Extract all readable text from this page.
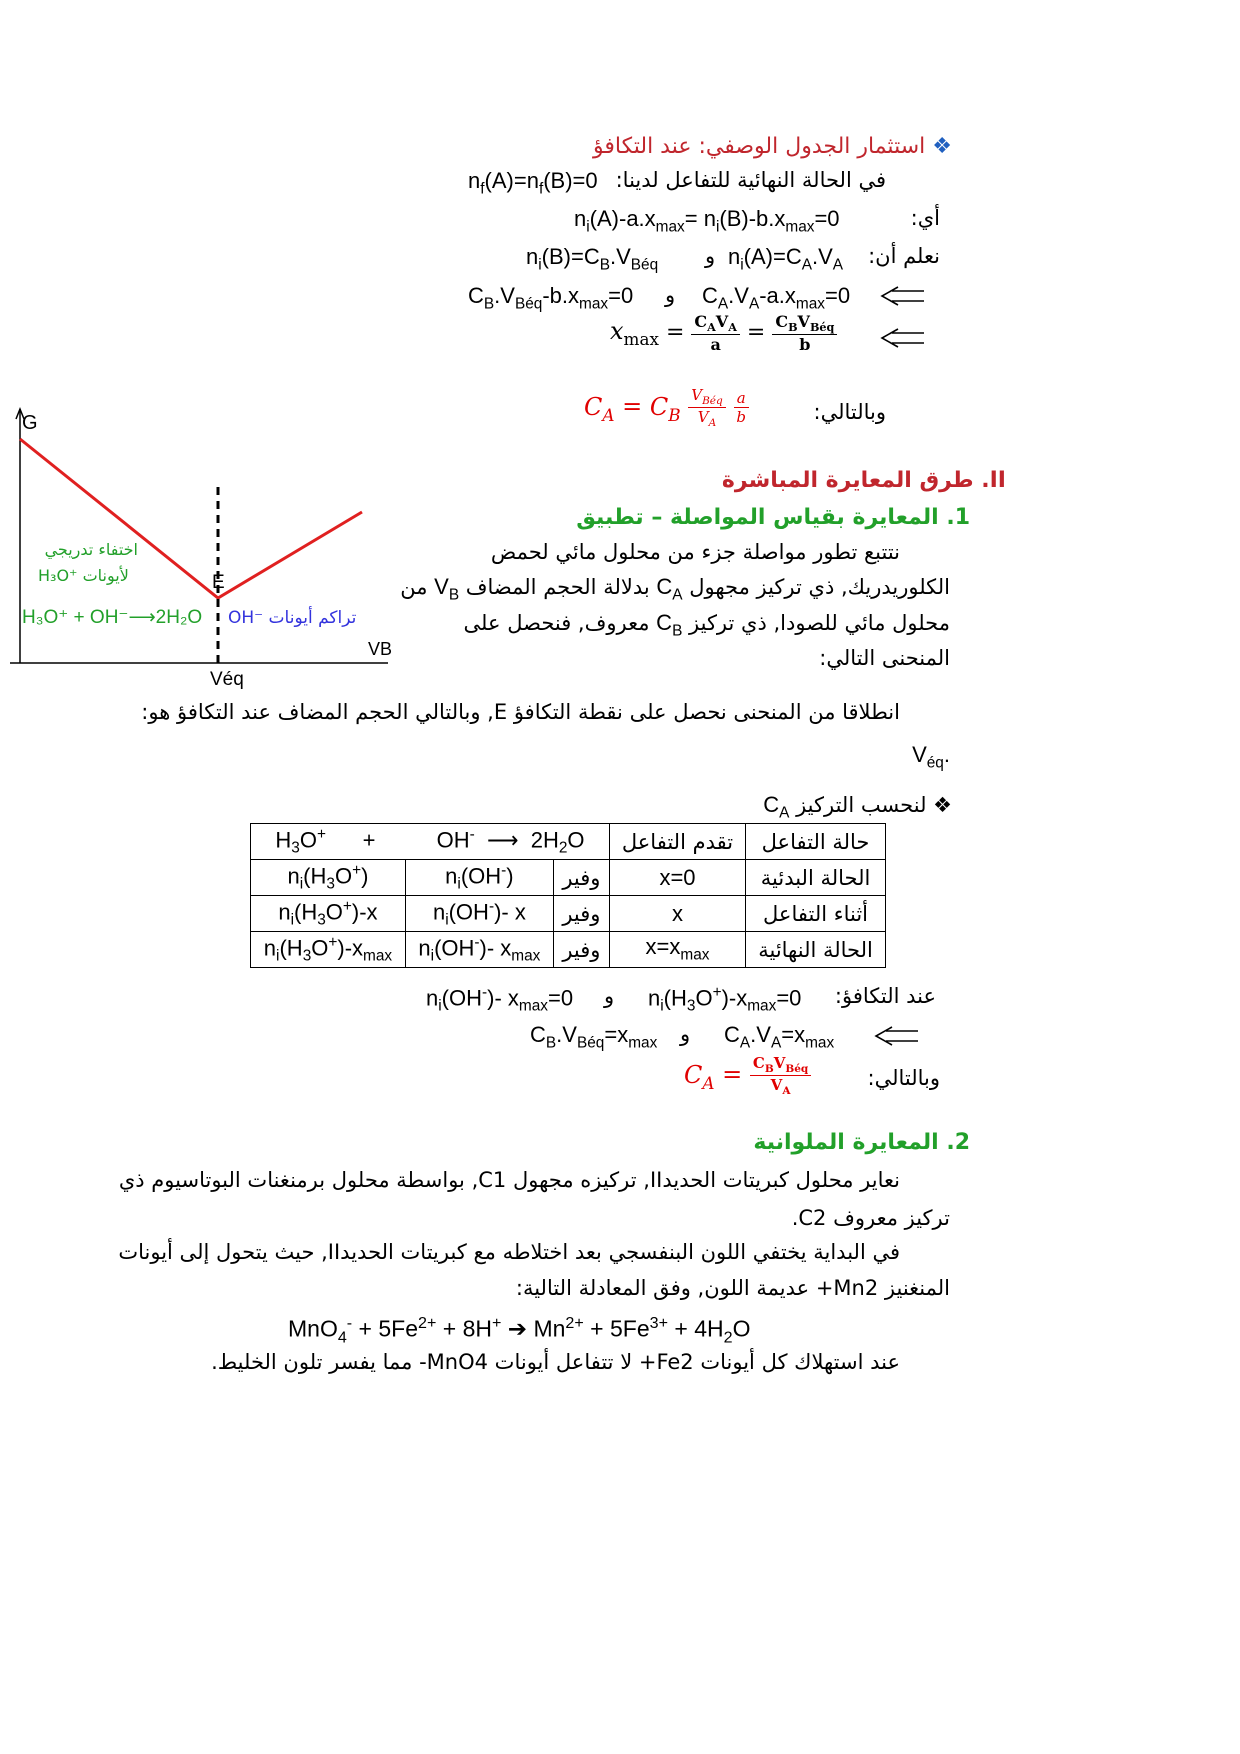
❖ استثمار الجدول الوصفي: عند التكافؤ
$n_f(A)=n_f(B)=0$ في الحالة النهائية للتفاعل لدينا:
$n_i(A)-a.x_{max}= n_i(B)-b.x_{max}=0$	أي:
$n_i(B)=C_B.V_{Béq}$ و $n_i(A)=C_A.V_A$ نعلم أن:
$C_B.V_{Béq}-b.x_{max}=0$ و $C_A.V_A-a.x_{max}=0$
$x_{max} = \frac{C_AV_A}{a} = \frac{C_BV_{Béq}}{b}$
$C_A = C_B \frac{V_{Béq}}{V_A}$
$\frac{a}{b}$	وبالتالي:
II. طرق المعايرة المباشرة
1. المعايرة بقياس المواصلة – تطبيق
نتتبع تطور مواصلة جزء من محلول مائي لحمض
الكلوريدريك, ذي تركيز مجهول $C_A$ بدلالة الحجم المضاف $V_B$ من
محلول مائي للصودا, ذي تركيز $C_B$ معروف, فنحصل على
المنحنى التالي:
G
VB
E
Véq
اختفاء تدريجي
H₃O⁺ لأيونات
H₃O⁺ + OH⁻⟶2H₂O OH⁻ تراكم أيونات
انطلاقا من المنحنى نحصل على نقطة التكافؤ E, وبالتالي الحجم المضاف عند التكافؤ هو:
$.V_{éq}$
❖ لنحسب التركيز $C_A$
$H_3O^+$      +          OH-  ⟶  $2H_2O$			تقدم التفاعل	حالة التفاعل
$n_i(H_3O^+)$	$n_i(OH^-)$	وفير	x=0	الحالة البدئية
$n_i(H_3O^+)-x$	$n_i(OH^-)-$ x	وفير	x	أثناء التفاعل
$n_i(H_3O^+)-x_{max}$	$n_i(OH^-)-$ $x_{max}$	وفير	$x=x_{max}$	الحالة النهائية
$n_i(OH^-)-$ $x_{max}=0$ و $n_i(H_3O^+)-x_{max}=0$ عند التكافؤ:
$C_B.V_{Béq}=x_{max}$ و $C_A.V_A=x_{max}$
$C_A = \frac{C_BV_{Béq}}{V_A}$	وبالتالي:
2. المعايرة الملوانية
نعاير محلول كبريتات الحديدII, تركيزه مجهول C1, بواسطة محلول برمنغنات البوتاسيوم ذي
تركيز معروف C2.
في البداية يختفي اللون البنفسجي بعد اختلاطه مع كبريتات الحديدII, حيث يتحول إلى أيونات
المنغنيز Mn2+ عديمة اللون, وفق المعادلة التالية:
$MnO_4^- + 5Fe^{2+} + 8H^+$ ➔ $Mn^{2+} + 5Fe^{3+} + 4H_2O$
عند استهلاك كل أيونات Fe2+ لا تتفاعل أيونات MnO4- مما يفسر تلون الخليط.
